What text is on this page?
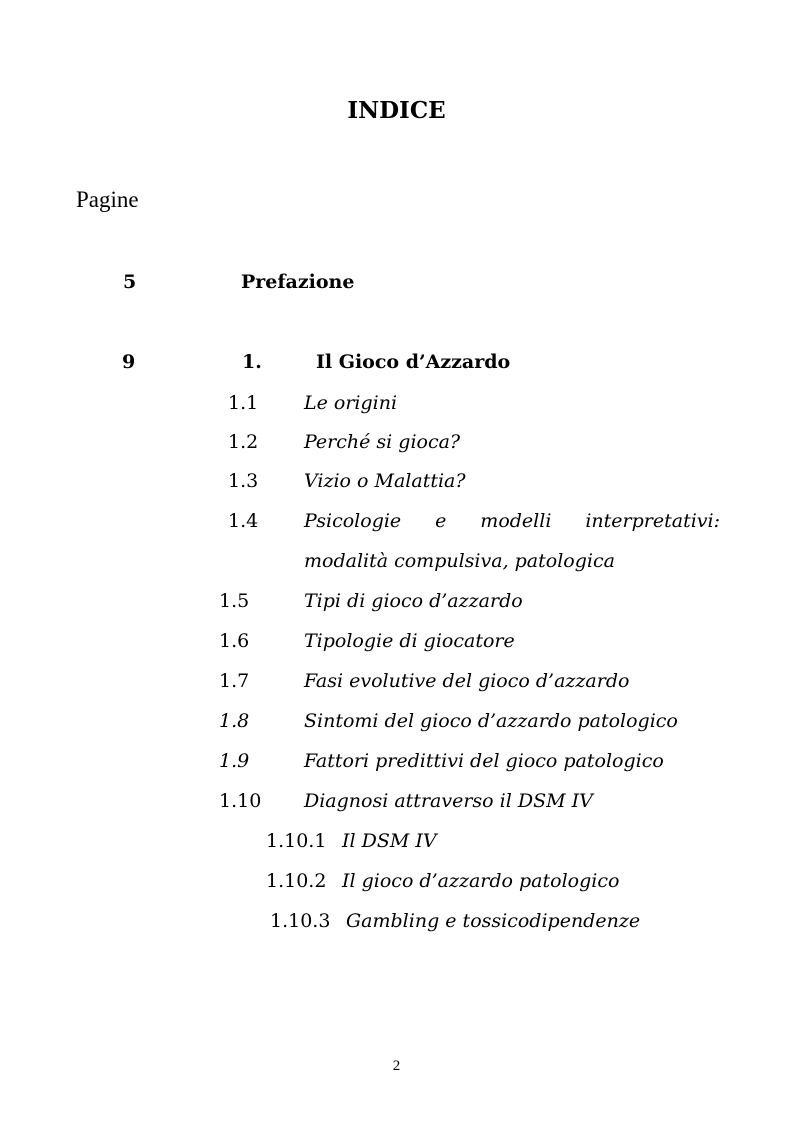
INDICE
Pagine
5	Prefazione
9	1.	Il Gioco d’Azzardo
1.1 Le origini
1.2 Perché si gioca?
1.3 Vizio o Malattia?
1.4 Psicologie e modelli interpretativi:
modalità compulsiva, patologica
1.5	Tipi di gioco d’azzardo
1.6	Tipologie di giocatore
1.7	Fasi evolutive del gioco d’azzardo
1.8	Sintomi del gioco d’azzardo patologico
1.9	Fattori predittivi del gioco patologico
1.10 Diagnosi attraverso il DSM IV
1.10.1 Il DSM IV
1.10.2 Il gioco d’azzardo patologico
1.10.3 Gambling e tossicodipendenze
2
